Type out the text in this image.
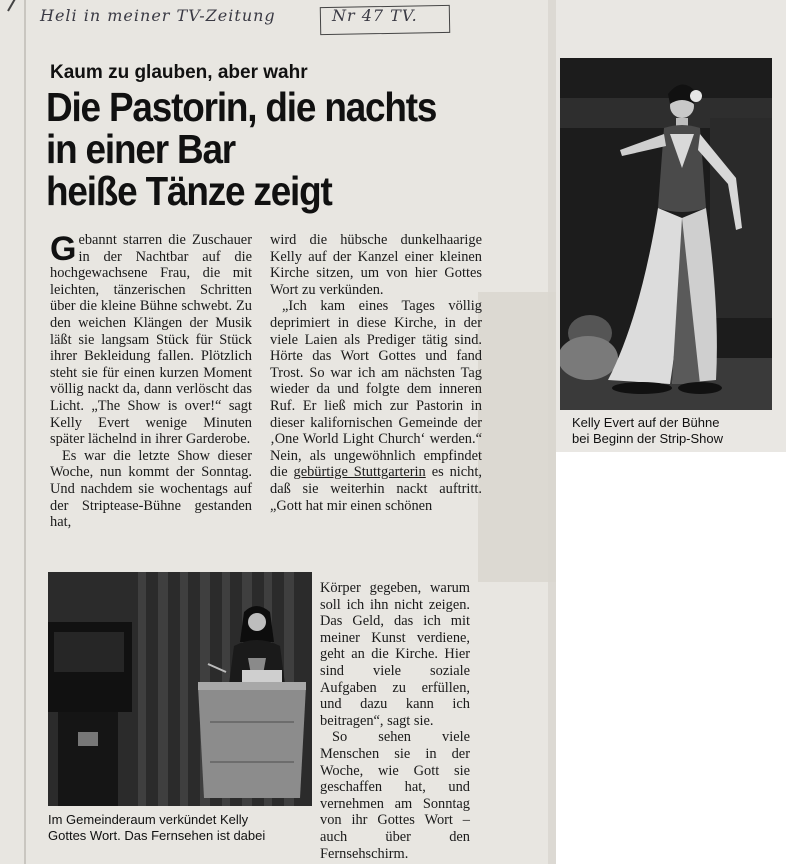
Heli in meiner TV-Zeitung	Nr 47 TV.
Kaum zu glauben, aber wahr
Die Pastorin, die nachts
in einer Bar
heiße Tänze zeigt

Gebannt starren die Zuschauer in der Nachtbar auf die hochgewachsene Frau, die mit leichten, tänzerischen Schritten über die kleine Bühne schwebt. Zu den weichen Klängen der Musik läßt sie langsam Stück für Stück ihrer Bekleidung fallen. Plötzlich steht sie für einen kurzen Moment völlig nackt da, dann verlöscht das Licht. „The Show is over!“ sagt Kelly Evert wenige Minuten später lächelnd in ihrer Garderobe.

Es war die letzte Show dieser Woche, nun kommt der Sonntag. Und nachdem sie wochentags auf der Striptease-Bühne gestanden hat,

wird die hübsche dunkelhaarige Kelly auf der Kanzel einer kleinen Kirche sitzen, um von hier Gottes Wort zu verkünden.

„Ich kam eines Tages völlig deprimiert in diese Kirche, in der viele Laien als Prediger tätig sind. Hörte das Wort Gottes und fand Trost. So war ich am nächsten Tag wieder da und folgte dem inneren Ruf. Er ließ mich zur Pastorin in dieser kalifornischen Gemeinde der ‚One World Light Church‘ werden.“ Nein, als ungewöhnlich empfindet die gebürtige Stuttgarterin es nicht, daß sie weiterhin nackt auftritt. „Gott hat mir einen schönen

Körper gegeben, warum soll ich ihn nicht zeigen. Das Geld, das ich mit meiner Kunst verdiene, geht an die Kirche. Hier sind viele soziale Aufgaben zu erfüllen, und dazu kann ich beitragen“, sagt sie.

So sehen viele Menschen sie in der Woche, wie Gott sie geschaffen hat, und vernehmen am Sonntag von ihr Gottes Wort – auch über den Fernsehschirm.

Kelly Evert auf der Bühne
bei Beginn der Strip-Show
Im Gemeinderaum verkündet Kelly
Gottes Wort. Das Fernsehen ist dabei
